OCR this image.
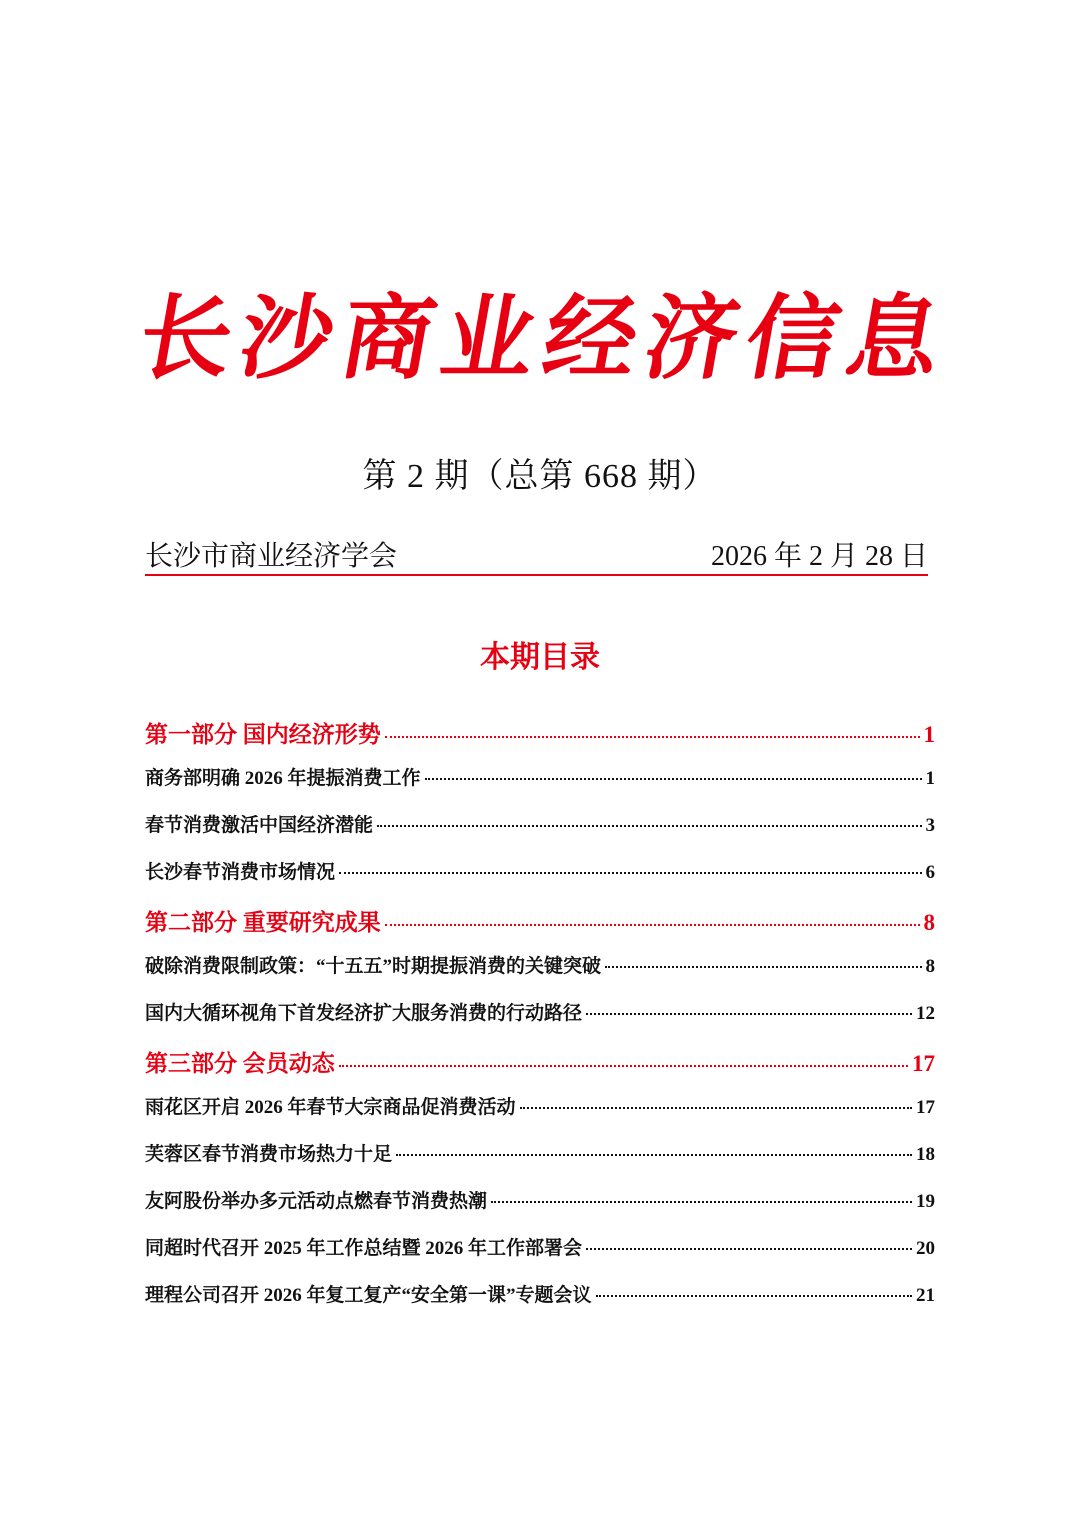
长
沙
商
业
经
济
信
息
第 2 期（总第 668 期）
长沙市商业经济学会	2026 年 2 月 28 日
本期目录
第一部分 国内经济形势	1
商务部明确 2026 年提振消费工作	1
春节消费激活中国经济潜能	3
长沙春节消费市场情况	6
第二部分 重要研究成果	8
破除消费限制政策：“十五五”时期提振消费的关键突破	8
国内大循环视角下首发经济扩大服务消费的行动路径	12
第三部分 会员动态	17
雨花区开启 2026 年春节大宗商品促消费活动	17
芙蓉区春节消费市场热力十足	18
友阿股份举办多元活动点燃春节消费热潮	19
同超时代召开 2025 年工作总结暨 2026 年工作部署会	20
理程公司召开 2026 年复工复产“安全第一课”专题会议	21
